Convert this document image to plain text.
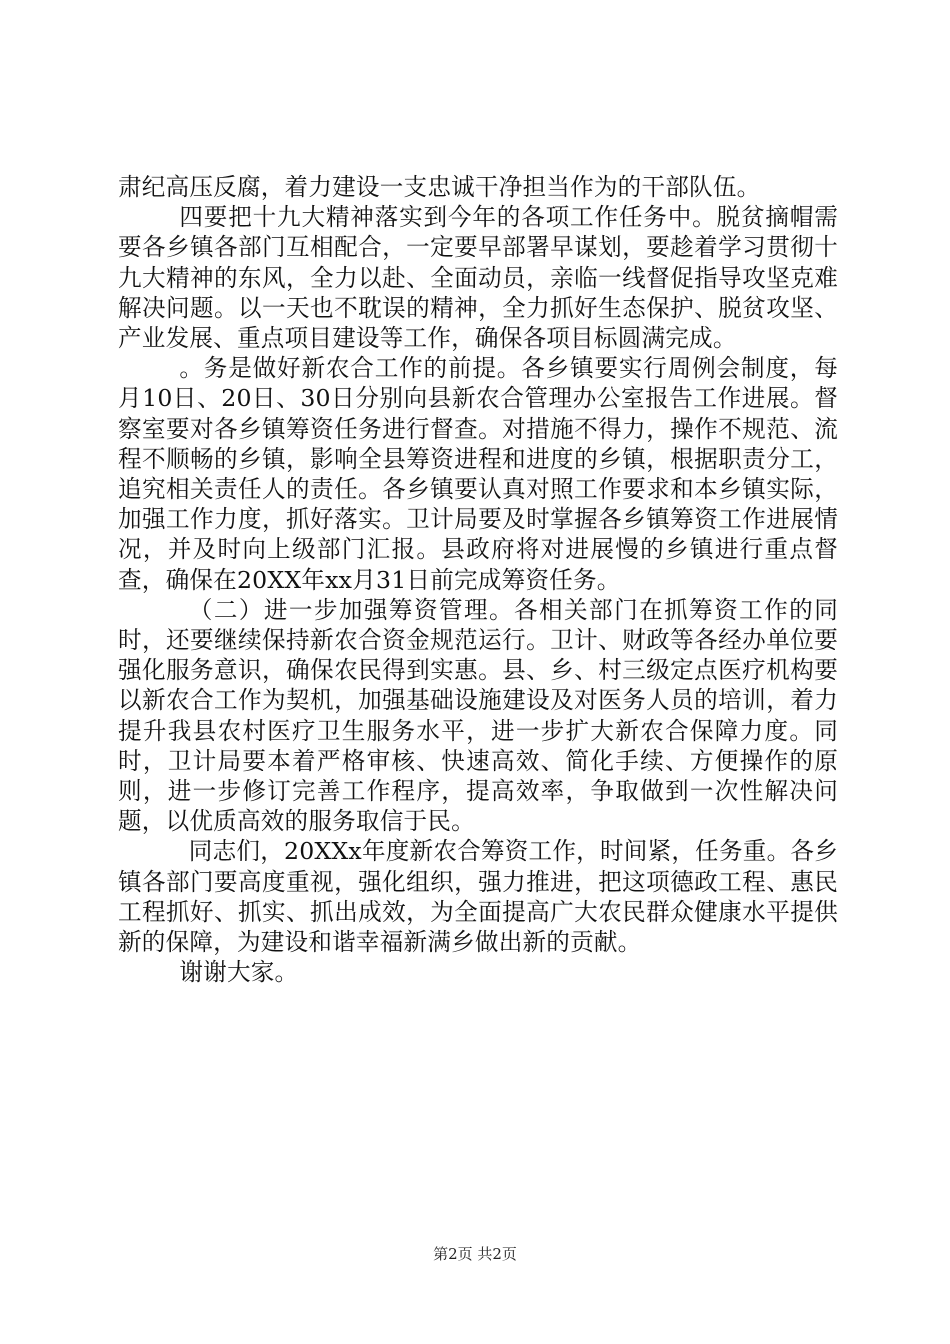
肃纪高压反腐，着力建设一支忠诚干净担当作为的干部队伍。

四要把十九大精神落实到今年的各项工作任务中。脱贫摘帽需要各乡镇各部门互相配合，一定要早部署早谋划，要趁着学习贯彻十九大精神的东风，全力以赴、全面动员，亲临一线督促指导攻坚克难解决问题。以一天也不耽误的精神，全力抓好生态保护、脱贫攻坚、产业发展、重点项目建设等工作，确保各项目标圆满完成。

。务是做好新农合工作的前提。各乡镇要实行周例会制度，每月10日、20日、30日分别向县新农合管理办公室报告工作进展。督察室要对各乡镇筹资任务进行督查。对措施不得力，操作不规范、流程不顺畅的乡镇，影响全县筹资进程和进度的乡镇，根据职责分工，追究相关责任人的责任。各乡镇要认真对照工作要求和本乡镇实际，加强工作力度，抓好落实。卫计局要及时掌握各乡镇筹资工作进展情况，并及时向上级部门汇报。县政府将对进展慢的乡镇进行重点督查，确保在20XX年xx月31日前完成筹资任务。

（二）进一步加强筹资管理。各相关部门在抓筹资工作的同时，还要继续保持新农合资金规范运行。卫计、财政等各经办单位要强化服务意识，确保农民得到实惠。县、乡、村三级定点医疗机构要以新农合工作为契机，加强基础设施建设及对医务人员的培训，着力提升我县农村医疗卫生服务水平，进一步扩大新农合保障力度。同时，卫计局要本着严格审核、快速高效、简化手续、方便操作的原则，进一步修订完善工作程序，提高效率，争取做到一次性解决问题，以优质高效的服务取信于民。

同志们，20XXx年度新农合筹资工作，时间紧，任务重。各乡镇各部门要高度重视，强化组织，强力推进，把这项德政工程、惠民工程抓好、抓实、抓出成效，为全面提高广大农民群众健康水平提供新的保障，为建设和谐幸福新满乡做出新的贡献。

谢谢大家。

第2页 共2页
